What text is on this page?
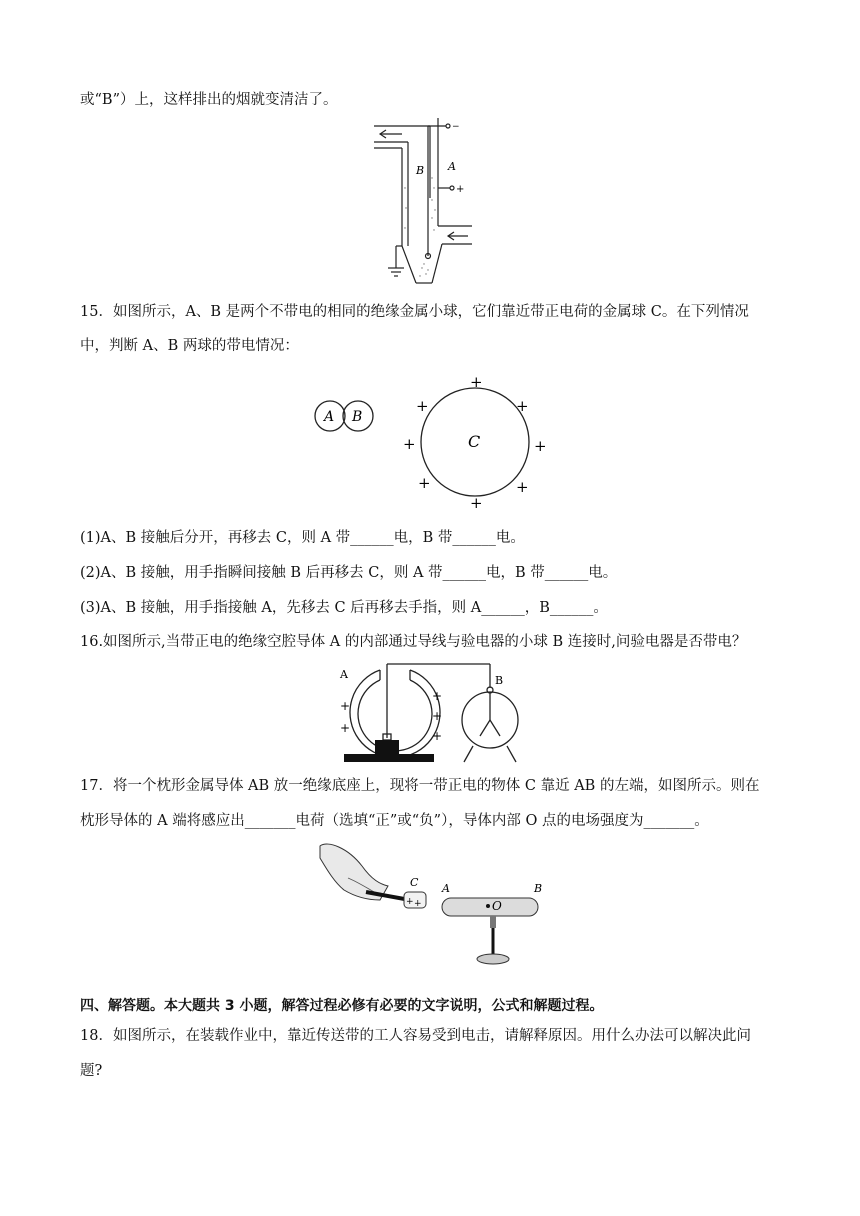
或“B”）上，这样排出的烟就变清洁了。
B A
−
+
15．如图所示，A、B 是两个不带电的相同的绝缘金属小球，它们靠近带正电荷的金属球 C。在下列情况
中，判断 A、B 两球的带电情况：
A B
C
+
+	+
+	+
+	+
+
(1)A、B 接触后分开，再移去 C，则 A 带______电，B 带______电。
(2)A、B 接触，用手指瞬间接触 B 后再移去 C，则 A 带______电，B 带______电。
(3)A、B 接触，用手指接触 A，先移去 C 后再移去手指，则 A______，B______。
16.如图所示,当带正电的绝缘空腔导体 A 的内部通过导线与验电器的小球 B 连接时,问验电器是否带电？
A	B
+
+
+
+
+
17．将一个枕形金属导体 AB 放一绝缘底座上，现将一带正电的物体 C 靠近 AB 的左端，如图所示。则在
枕形导体的 A 端将感应出_______电荷（选填“正”或“负”），导体内部 O 点的电场强度为_______。
C
+ +
A	B
O
四、解答题。本大题共 3 小题，解答过程必修有必要的文字说明，公式和解题过程。
18．如图所示，在装载作业中，靠近传送带的工人容易受到电击，请解释原因。用什么办法可以解决此问
题?
